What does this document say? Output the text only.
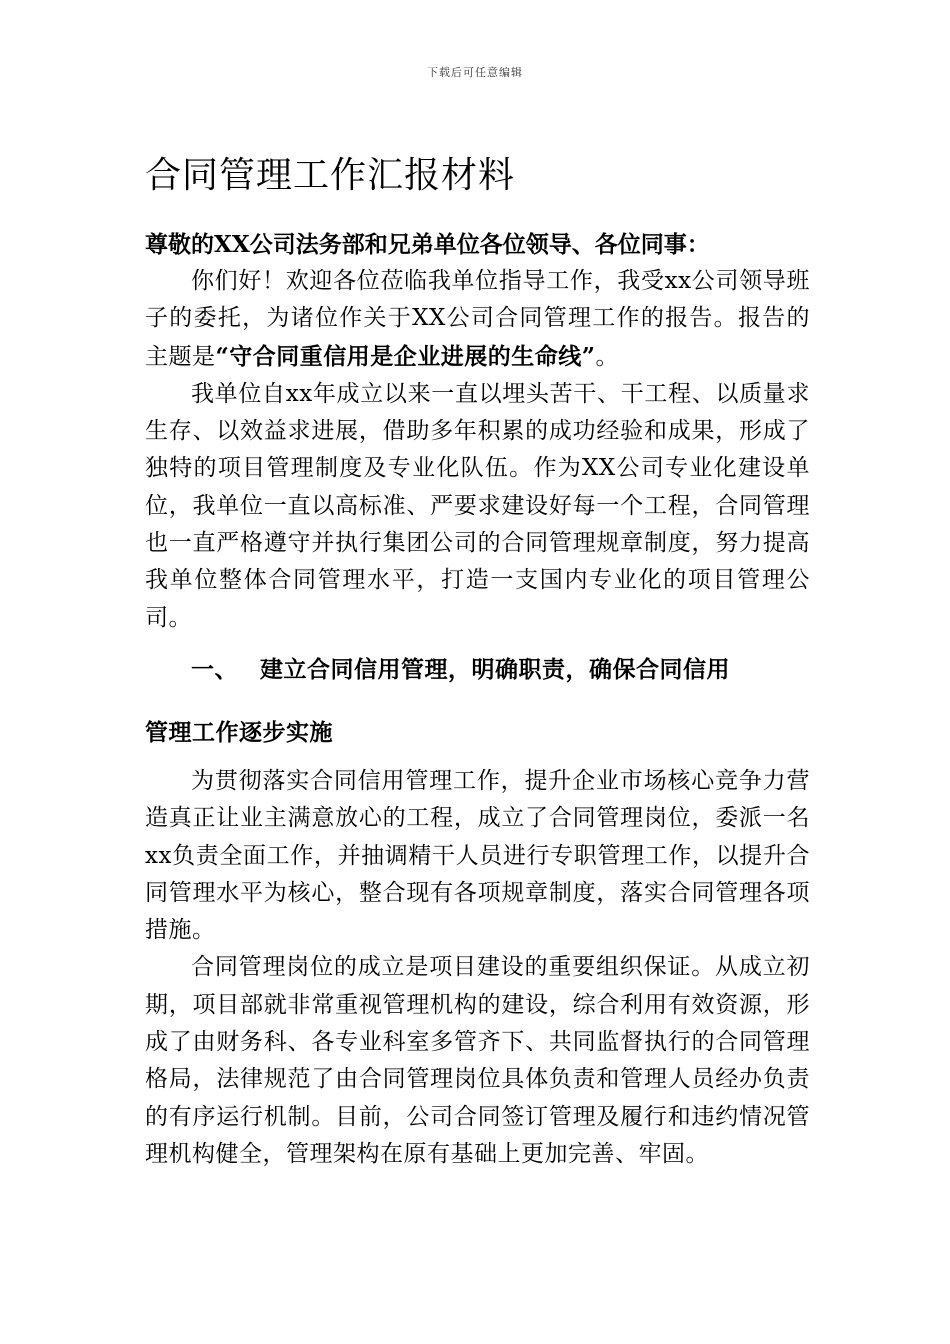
下载后可任意编辑
合同管理工作汇报材料

尊敬的XX公司法务部和兄弟单位各位领导、各位同事：

你们好！欢迎各位莅临我单位指导工作，我受xx公司领导班子的委托，为诸位作关于XX公司合同管理工作的报告。报告的主题是“守合同重信用是企业进展的生命线”。

我单位自xx年成立以来一直以埋头苦干、干工程、以质量求生存、以效益求进展，借助多年积累的成功经验和成果，形成了独特的项目管理制度及专业化队伍。作为XX公司专业化建设单位，我单位一直以高标准、严要求建设好每一个工程，合同管理也一直严格遵守并执行集团公司的合同管理规章制度，努力提高我单位整体合同管理水平，打造一支国内专业化的项目管理公司。

一、 建立合同信用管理，明确职责，确保合同信用
管理工作逐步实施

为贯彻落实合同信用管理工作，提升企业市场核心竞争力营造真正让业主满意放心的工程，成立了合同管理岗位，委派一名xx负责全面工作，并抽调精干人员进行专职管理工作，以提升合同管理水平为核心，整合现有各项规章制度，落实合同管理各项措施。

合同管理岗位的成立是项目建设的重要组织保证。从成立初期，项目部就非常重视管理机构的建设，综合利用有效资源，形成了由财务科、各专业科室多管齐下、共同监督执行的合同管理格局，法律规范了由合同管理岗位具体负责和管理人员经办负责的有序运行机制。目前，公司合同签订管理及履行和违约情况管理机构健全，管理架构在原有基础上更加完善、牢固。
